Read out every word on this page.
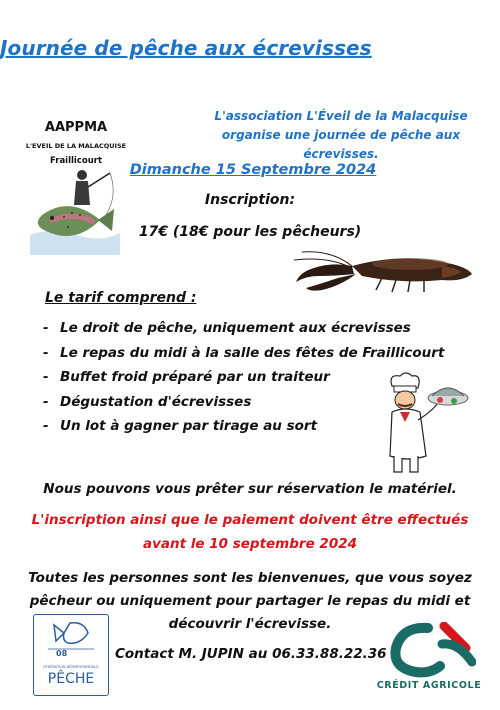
Journée de pêche aux écrevisses
AAPPMA
L'EVEIL DE LA MALACQUISE
Fraillicourt
L'association L'Éveil de la Malacquise organise une journée de pêche aux écrevisses.
Dimanche 15 Septembre 2024
Inscription:
17€ (18€ pour les pêcheurs)
Le tarif comprend :
- Le droit de pêche, uniquement aux écrevisses
- Le repas du midi à la salle des fêtes de Fraillicourt
- Buffet froid préparé par un traiteur
- Dégustation d'écrevisses
- Un lot à gagner par tirage au sort
Nous pouvons vous prêter sur réservation le matériel.
L'inscription ainsi que le paiement doivent être effectués
avant le 10 septembre 2024
Toutes les personnes sont les bienvenues, que vous soyez pêcheur ou uniquement pour partager le repas du midi et découvrir l'écrevisse.
08
FÉDÉRATION DÉPARTEMENTALE
PÊCHE
Contact M. JUPIN au 06.33.88.22.36
CRÉDIT AGRICOLE
